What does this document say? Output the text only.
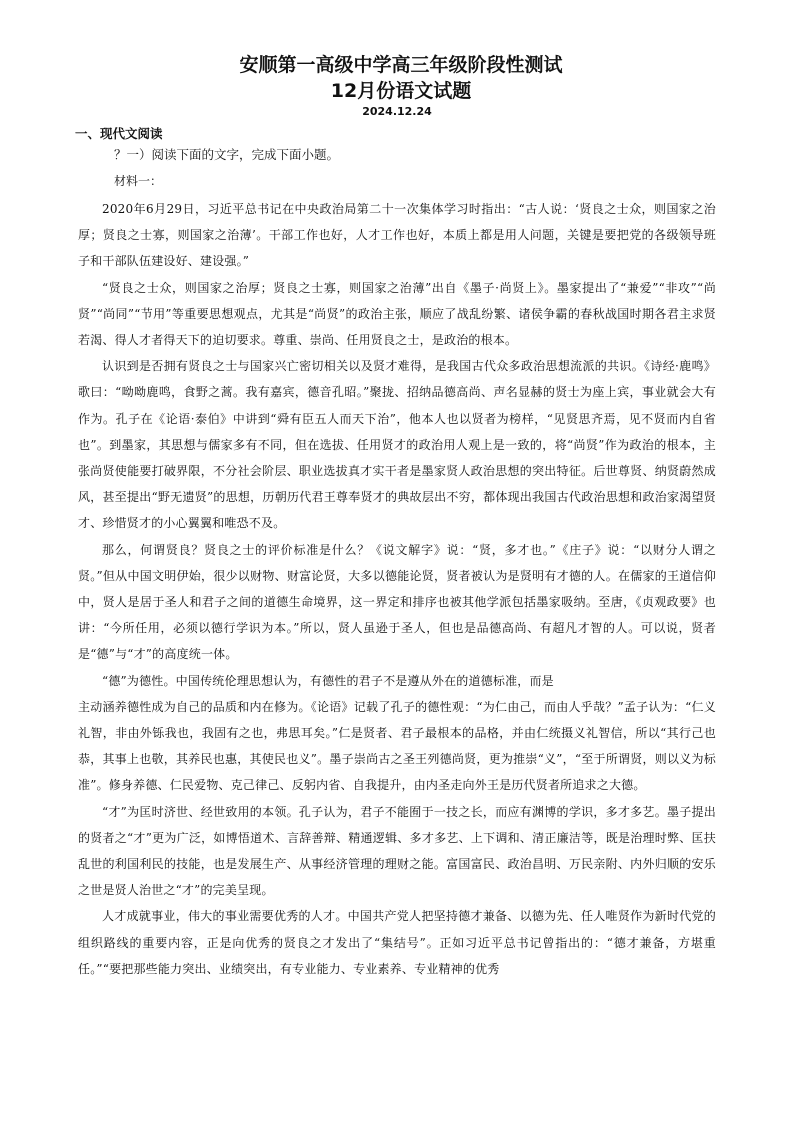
安顺第一高级中学高三年级阶段性测试
12月份语文试题
2024.12.24
一、现代文阅读
？一）阅读下面的文字，完成下面小题。
材料一：

2020年6月29日，习近平总书记在中央政治局第二十一次集体学习时指出：“古人说：‘贤良之士众，则国家之治厚；贤良之士寡，则国家之治薄’。干部工作也好，人才工作也好，本质上都是用人问题，关键是要把党的各级领导班子和干部队伍建设好、建设强。”

“贤良之士众，则国家之治厚；贤良之士寡，则国家之治薄”出自《墨子·尚贤上》。墨家提出了“兼爱”“非攻”“尚贤”“尚同”“节用”等重要思想观点，尤其是“尚贤”的政治主张，顺应了战乱纷繁、诸侯争霸的春秋战国时期各君主求贤若渴、得人才者得天下的迫切要求。尊重、崇尚、任用贤良之士，是政治的根本。

认识到是否拥有贤良之士与国家兴亡密切相关以及贤才难得，是我国古代众多政治思想流派的共识。《诗经·鹿鸣》歌曰：“呦呦鹿鸣，食野之蒿。我有嘉宾，德音孔昭。”聚拢、招纳品德高尚、声名显赫的贤士为座上宾，事业就会大有作为。孔子在《论语·泰伯》中讲到“舜有臣五人而天下治”，他本人也以贤者为榜样，“见贤思齐焉，见不贤而内自省也”。到墨家，其思想与儒家多有不同，但在选拔、任用贤才的政治用人观上是一致的，将“尚贤”作为政治的根本，主张尚贤使能要打破界限，不分社会阶层、职业选拔真才实干者是墨家贤人政治思想的突出特征。后世尊贤、纳贤蔚然成风，甚至提出“野无遗贤”的思想，历朝历代君王尊奉贤才的典故层出不穷，都体现出我国古代政治思想和政治家渴望贤才、珍惜贤才的小心翼翼和唯恐不及。

那么，何谓贤良？贤良之士的评价标准是什么？《说文解字》说：“贤，多才也。”《庄子》说：“以财分人谓之贤。”但从中国文明伊始，很少以财物、财富论贤，大多以德能论贤，贤者被认为是贤明有才德的人。在儒家的王道信仰中，贤人是居于圣人和君子之间的道德生命境界，这一界定和排序也被其他学派包括墨家吸纳。至唐，《贞观政要》也讲：“今所任用，必须以德行学识为本。”所以，贤人虽逊于圣人，但也是品德高尚、有超凡才智的人。可以说，贤者是“德”与“才”的高度统一体。

“德”为德性。中国传统伦理思想认为，有德性的君子不是遵从外在的道德标准，而是

主动涵养德性成为自己的品质和内在修为。《论语》记载了孔子的德性观：“为仁由己，而由人乎哉？”孟子认为：“仁义礼智，非由外铄我也，我固有之也，弗思耳矣。”仁是贤者、君子最根本的品格，并由仁统摄义礼智信，所以“其行己也恭，其事上也敬，其养民也惠，其使民也义”。墨子崇尚古之圣王列德尚贤，更为推崇“义”，“至于所谓贤，则以义为标准”。修身养德、仁民爱物、克己律己、反躬内省、自我提升，由内圣走向外王是历代贤者所追求之大德。

“才”为匡时济世、经世致用的本领。孔子认为，君子不能囿于一技之长，而应有渊博的学识，多才多艺。墨子提出的贤者之“才”更为广泛，如博悟道术、言辞善辩、精通逻辑、多才多艺、上下调和、清正廉洁等，既是治理时弊、匡扶乱世的利国利民的技能，也是发展生产、从事经济管理的理财之能。富国富民、政治昌明、万民亲附、内外归顺的安乐之世是贤人治世之“才”的完美呈现。

人才成就事业，伟大的事业需要优秀的人才。中国共产党人把坚持德才兼备、以德为先、任人唯贤作为新时代党的组织路线的重要内容，正是向优秀的贤良之才发出了“集结号”。正如习近平总书记曾指出的：“德才兼备，方堪重任。”“要把那些能力突出、业绩突出，有专业能力、专业素养、专业精神的优秀
